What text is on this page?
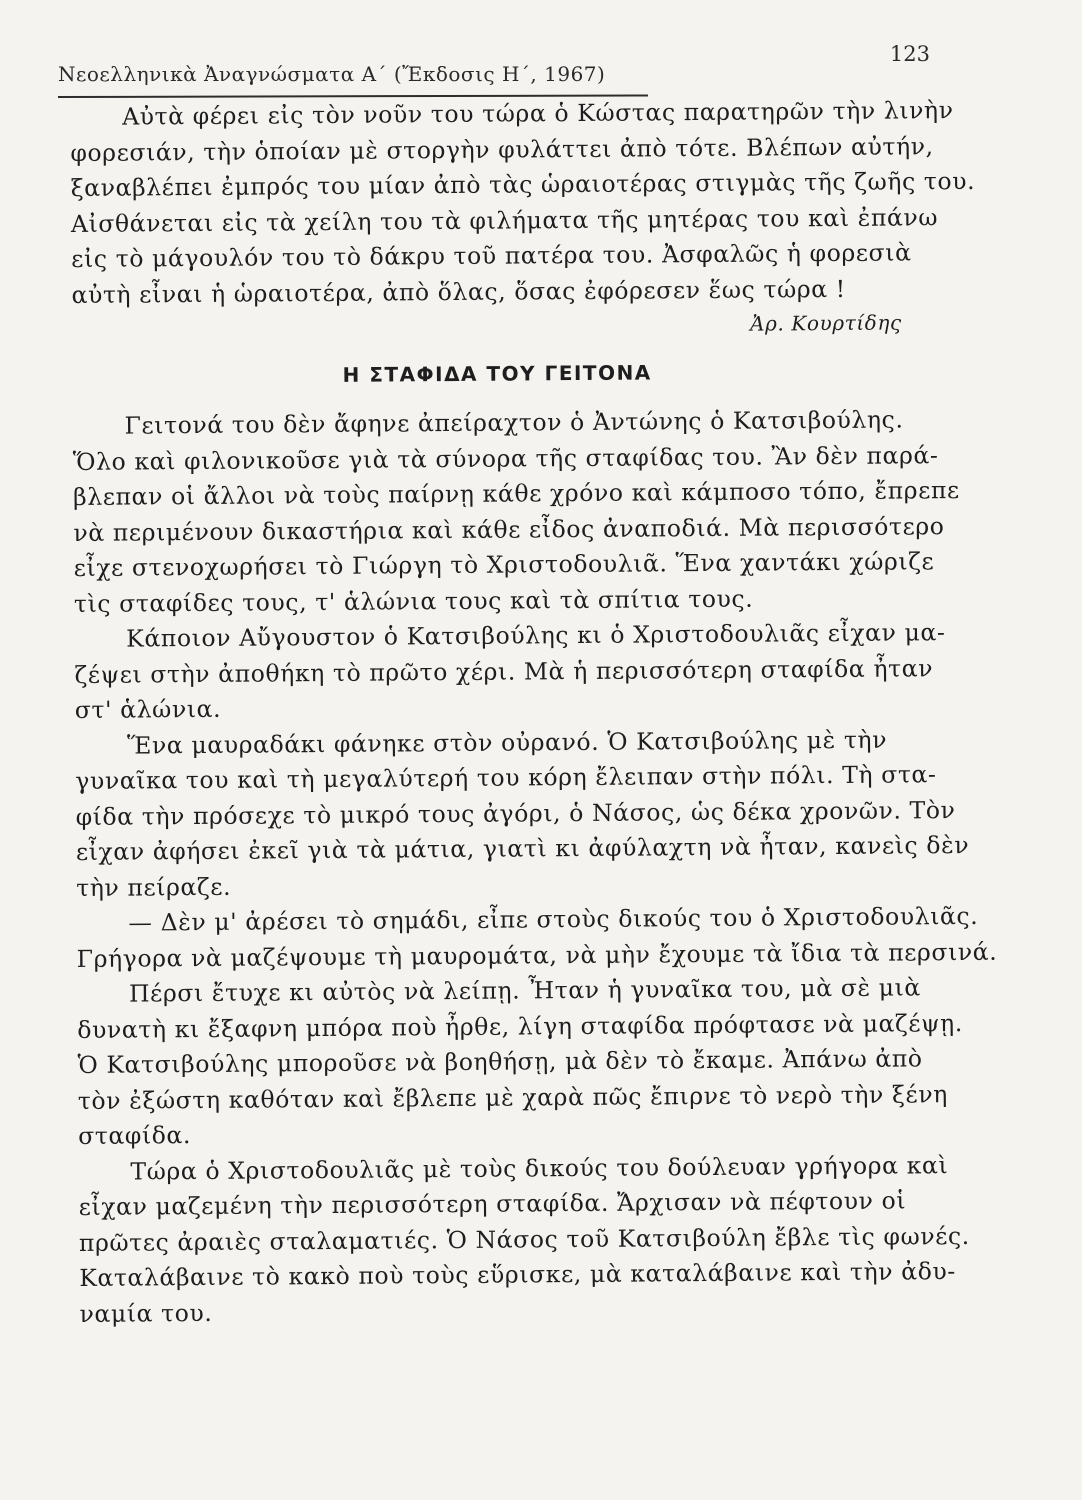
Νεοελληνικὰ Ἀναγνώσματα Α΄ (Ἔκδοσις Η΄, 1967)
123
Αὐτὰ φέρει εἰς τὸν νοῦν του τώρα ὁ Κώστας παρατηρῶν τὴν λινὴν
φορεσιάν, τὴν ὁποίαν μὲ στοργὴν φυλάττει ἀπὸ τότε. Βλέπων αὐτήν,
ξαναβλέπει ἐμπρός του μίαν ἀπὸ τὰς ὡραιοτέρας στιγμὰς τῆς ζωῆς του.
Αἰσθάνεται εἰς τὰ χείλη του τὰ φιλήματα τῆς μητέρας του καὶ ἐπάνω
εἰς τὸ μάγουλόν του τὸ δάκρυ τοῦ πατέρα του. Ἀσφαλῶς ἡ φορεσιὰ
αὐτὴ εἶναι ἡ ὡραιοτέρα, ἀπὸ ὅλας, ὅσας ἐφόρεσεν ἕως τώρα !
Ἀρ. Κουρτίδης
Η ΣΤΑΦΙΔΑ ΤΟΥ ΓΕΙΤΟΝΑ
Γειτονά του δὲν ἄφηνε ἀπείραχτον ὁ Ἀντώνης ὁ Κατσιβούλης.
Ὅλο καὶ φιλονικοῦσε γιὰ τὰ σύνορα τῆς σταφίδας του. Ἂν δὲν παρά-
βλεπαν οἱ ἄλλοι νὰ τοὺς παίρνῃ κάθε χρόνο καὶ κάμποσο τόπο, ἔπρεπε
νὰ περιμένουν δικαστήρια καὶ κάθε εἶδος ἀναποδιά. Μὰ περισσότερο
εἶχε στενοχωρήσει τὸ Γιώργη τὸ Χριστοδουλιᾶ. Ἕνα χαντάκι χώριζε
τὶς σταφίδες τους, τ' ἁλώνια τους καὶ τὰ σπίτια τους.
Κάποιον Αὔγουστον ὁ Κατσιβούλης κι ὁ Χριστοδουλιᾶς εἶχαν μα-
ζέψει στὴν ἀποθήκη τὸ πρῶτο χέρι. Μὰ ἡ περισσότερη σταφίδα ἦταν
στ' ἁλώνια.
Ἕνα μαυραδάκι φάνηκε στὸν οὐρανό. Ὁ Κατσιβούλης μὲ τὴν
γυναῖκα του καὶ τὴ μεγαλύτερή του κόρη ἔλειπαν στὴν πόλι. Τὴ στα-
φίδα τὴν πρόσεχε τὸ μικρό τους ἀγόρι, ὁ Νάσος, ὡς δέκα χρονῶν. Τὸν
εἶχαν ἀφήσει ἐκεῖ γιὰ τὰ μάτια, γιατὶ κι ἀφύλαχτη νὰ ἦταν, κανεὶς δὲν
τὴν πείραζε.
— Δὲν μ' ἀρέσει τὸ σημάδι, εἶπε στοὺς δικούς του ὁ Χριστοδουλιᾶς.
Γρήγορα νὰ μαζέψουμε τὴ μαυρομάτα, νὰ μὴν ἔχουμε τὰ ἴδια τὰ περσινά.
Πέρσι ἔτυχε κι αὐτὸς νὰ λείπῃ. Ἦταν ἡ γυναῖκα του, μὰ σὲ μιὰ
δυνατὴ κι ἔξαφνη μπόρα ποὺ ἦρθε, λίγη σταφίδα πρόφτασε νὰ μαζέψῃ.
Ὁ Κατσιβούλης μποροῦσε νὰ βοηθήσῃ, μὰ δὲν τὸ ἔκαμε. Ἀπάνω ἀπὸ
τὸν ἐξώστη καθόταν καὶ ἔβλεπε μὲ χαρὰ πῶς ἔπιρνε τὸ νερὸ τὴν ξένη
σταφίδα.
Τώρα ὁ Χριστοδουλιᾶς μὲ τοὺς δικούς του δούλευαν γρήγορα καὶ
εἶχαν μαζεμένη τὴν περισσότερη σταφίδα. Ἄρχισαν νὰ πέφτουν οἱ
πρῶτες ἀραιὲς σταλαματιές. Ὁ Νάσος τοῦ Κατσιβούλη ἔβλε τὶς φωνές.
Καταλάβαινε τὸ κακὸ ποὺ τοὺς εὕρισκε, μὰ καταλάβαινε καὶ τὴν ἀδυ-
ναμία του.
